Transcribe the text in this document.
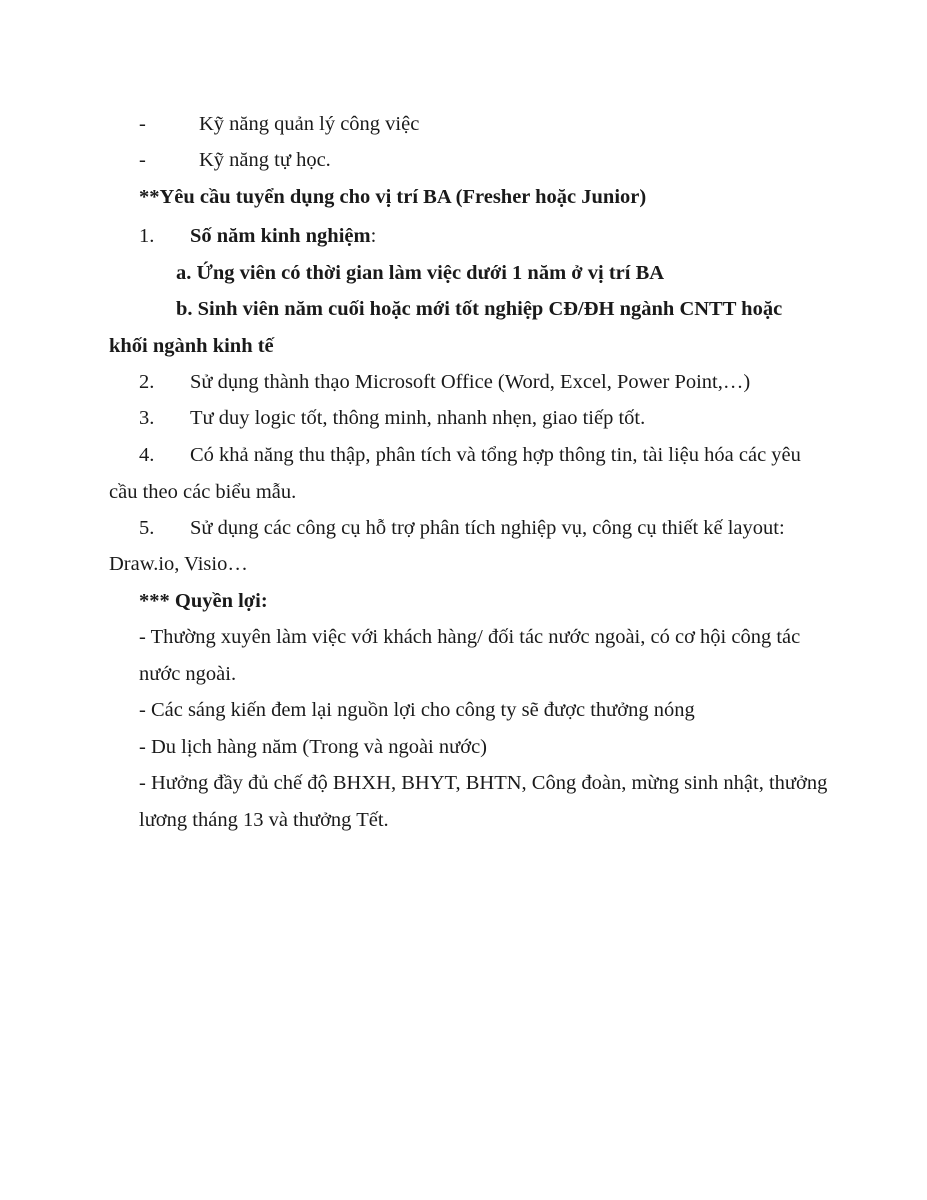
-	Kỹ năng quản lý công việc
-	Kỹ năng tự học.
**Yêu cầu tuyển dụng cho vị trí BA (Fresher hoặc Junior)
1. Số năm kinh nghiệm:
a. Ứng viên có thời gian làm việc dưới 1 năm ở vị trí BA
b. Sinh viên năm cuối hoặc mới tốt nghiệp CĐ/ĐH ngành CNTT hoặc
khối ngành kinh tế
2. Sử dụng thành thạo Microsoft Office (Word, Excel, Power Point,…)
3. Tư duy logic tốt, thông minh, nhanh nhẹn, giao tiếp tốt.
4. Có khả năng thu thập, phân tích và tổng hợp thông tin, tài liệu hóa các yêu
cầu theo các biểu mẫu.
5. Sử dụng các công cụ hỗ trợ phân tích nghiệp vụ, công cụ thiết kế layout:
Draw.io, Visio…
*** Quyền lợi:
- Thường xuyên làm việc với khách hàng/ đối tác nước ngoài, có cơ hội công tác
nước ngoài.
- Các sáng kiến đem lại nguồn lợi cho công ty sẽ được thưởng nóng
- Du lịch hàng năm (Trong và ngoài nước)
- Hưởng đầy đủ chế độ BHXH, BHYT, BHTN, Công đoàn, mừng sinh nhật, thưởng
lương tháng 13 và thưởng Tết.
